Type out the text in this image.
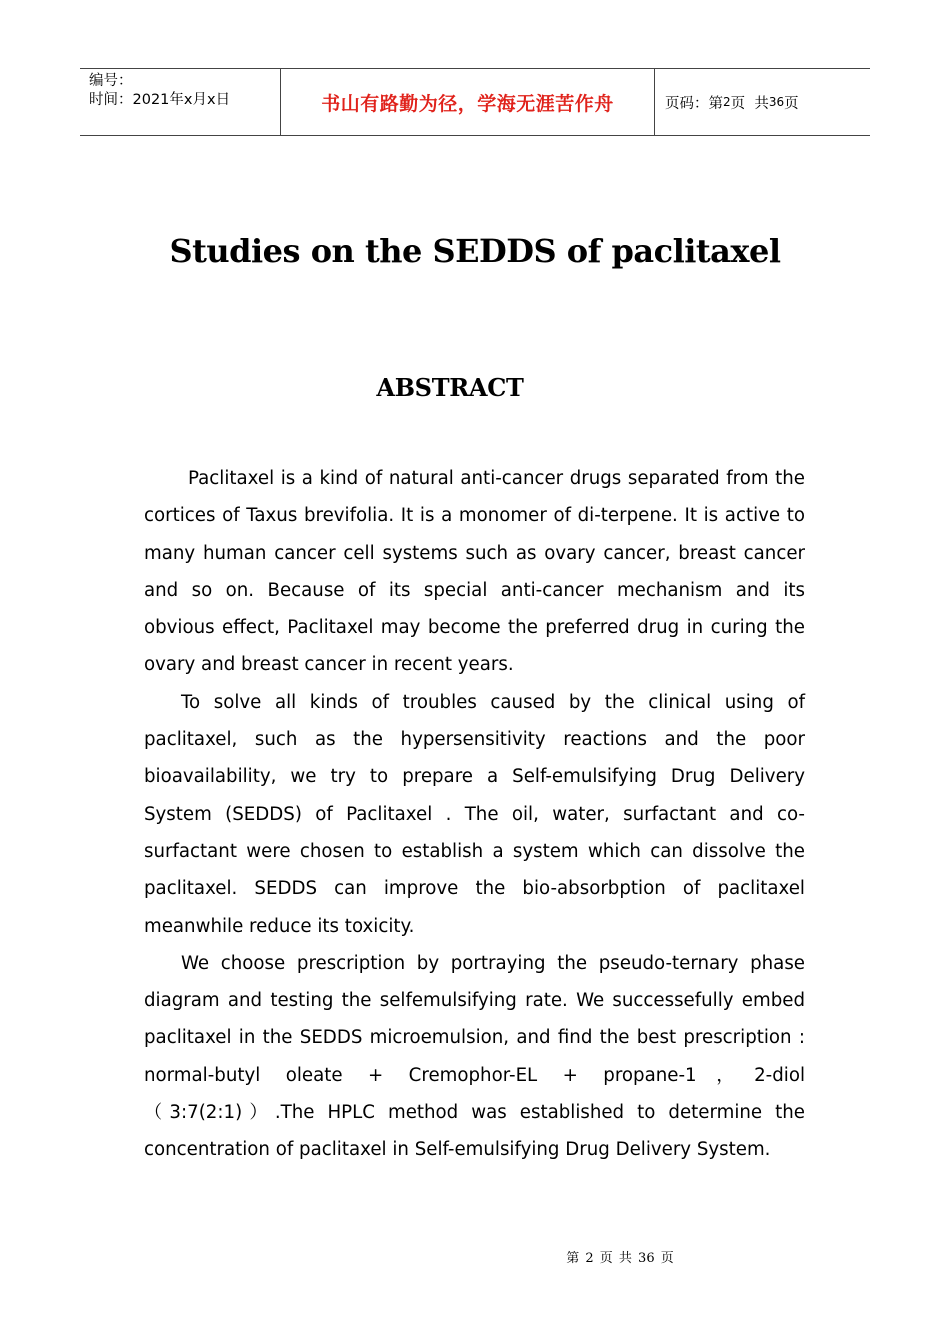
编号：
时间：2021年x月x日	书山有路勤为径，学海无涯苦作舟	页码：第 2 页  共 36 页
Studies on the SEDDS of paclitaxel
ABSTRACT

Paclitaxel is a kind of natural anti-cancer drugs separated from the cortices of Taxus brevifolia. It is a monomer of di-terpene. It is active to many human cancer cell systems such as ovary cancer, breast cancer and so on. Because of its special anti-cancer mechanism and its obvious effect, Paclitaxel may become the preferred drug in curing the ovary and breast cancer in recent years.

To solve all kinds of troubles caused by the clinical using of paclitaxel, such as the hypersensitivity reactions and the poor bioavailability, we try to prepare a Self-emulsifying Drug Delivery System (SEDDS) of Paclitaxel . The oil, water, surfactant and co-surfactant were chosen to establish a system which can dissolve the paclitaxel. SEDDS can improve the bio-absorbption of paclitaxel meanwhile reduce its toxicity.

We choose prescription by portraying the pseudo-ternary phase diagram and testing the selfemulsifying rate. We successefully embed paclitaxel in the SEDDS microemulsion, and find the best prescription : normal-butyl oleate + Cremophor-EL + propane-1，2-diol（3:7(2:1)）.The HPLC method was established to determine the concentration of paclitaxel in Self-emulsifying Drug Delivery System.

第 2 页 共 36 页
